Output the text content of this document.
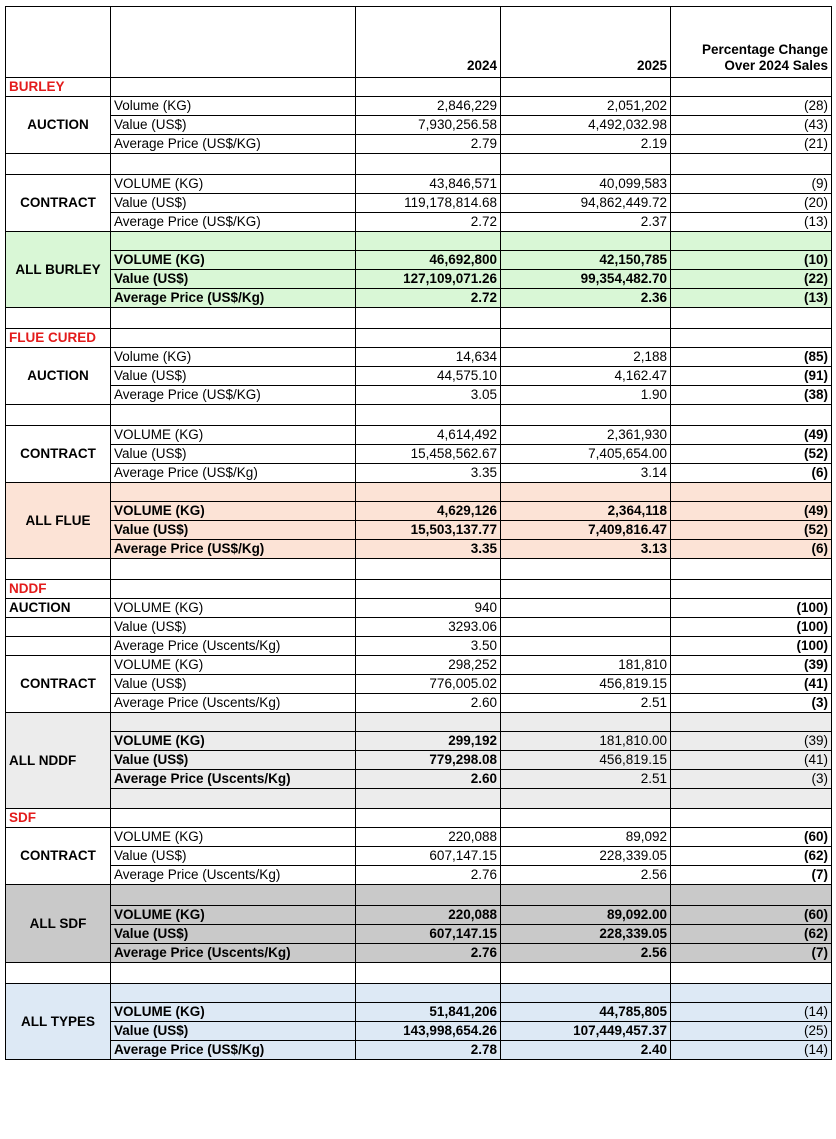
		2024	2025	Percentage Change
Over 2024 Sales
BURLEY				
AUCTION	Volume (KG)	2,846,229	2,051,202	(28)
	Value (US$)	7,930,256.58	4,492,032.98	(43)
	Average Price (US$/KG)	2.79	2.19	(21)

CONTRACT	VOLUME (KG)	43,846,571	40,099,583	(9)
	Value (US$)	119,178,814.68	94,862,449.72	(20)
	Average Price (US$/KG)	2.72	2.37	(13)
ALL BURLEY				
	VOLUME (KG)	46,692,800	42,150,785	(10)
	Value (US$)	127,109,071.26	99,354,482.70	(22)
	Average Price (US$/Kg)	2.72	2.36	(13)

FLUE CURED				
AUCTION	Volume (KG)	14,634	2,188	(85)
	Value (US$)	44,575.10	4,162.47	(91)
	Average Price (US$/KG)	3.05	1.90	(38)

CONTRACT	VOLUME (KG)	4,614,492	2,361,930	(49)
	Value (US$)	15,458,562.67	7,405,654.00	(52)
	Average Price (US$/Kg)	3.35	3.14	(6)
ALL FLUE				
	VOLUME (KG)	4,629,126	2,364,118	(49)
	Value (US$)	15,503,137.77	7,409,816.47	(52)
	Average Price (US$/Kg)	3.35	3.13	(6)

NDDF				
AUCTION	VOLUME (KG)	940		(100)
	Value (US$)	3293.06		(100)
	Average Price (Uscents/Kg)	3.50		(100)
CONTRACT	VOLUME (KG)	298,252	181,810	(39)
	Value (US$)	776,005.02	456,819.15	(41)
	Average Price (Uscents/Kg)	2.60	2.51	(3)
ALL NDDF				
	VOLUME (KG)	299,192	181,810.00	(39)
	Value (US$)	779,298.08	456,819.15	(41)
	Average Price (Uscents/Kg)	2.60	2.51	(3)

SDF				
CONTRACT	VOLUME (KG)	220,088	89,092	(60)
	Value (US$)	607,147.15	228,339.05	(62)
	Average Price (Uscents/Kg)	2.76	2.56	(7)
ALL SDF				
	VOLUME (KG)	220,088	89,092.00	(60)
	Value (US$)	607,147.15	228,339.05	(62)
	Average Price (Uscents/Kg)	2.76	2.56	(7)

ALL TYPES				
	VOLUME (KG)	51,841,206	44,785,805	(14)
	Value (US$)	143,998,654.26	107,449,457.37	(25)
	Average Price (US$/Kg)	2.78	2.40	(14)
